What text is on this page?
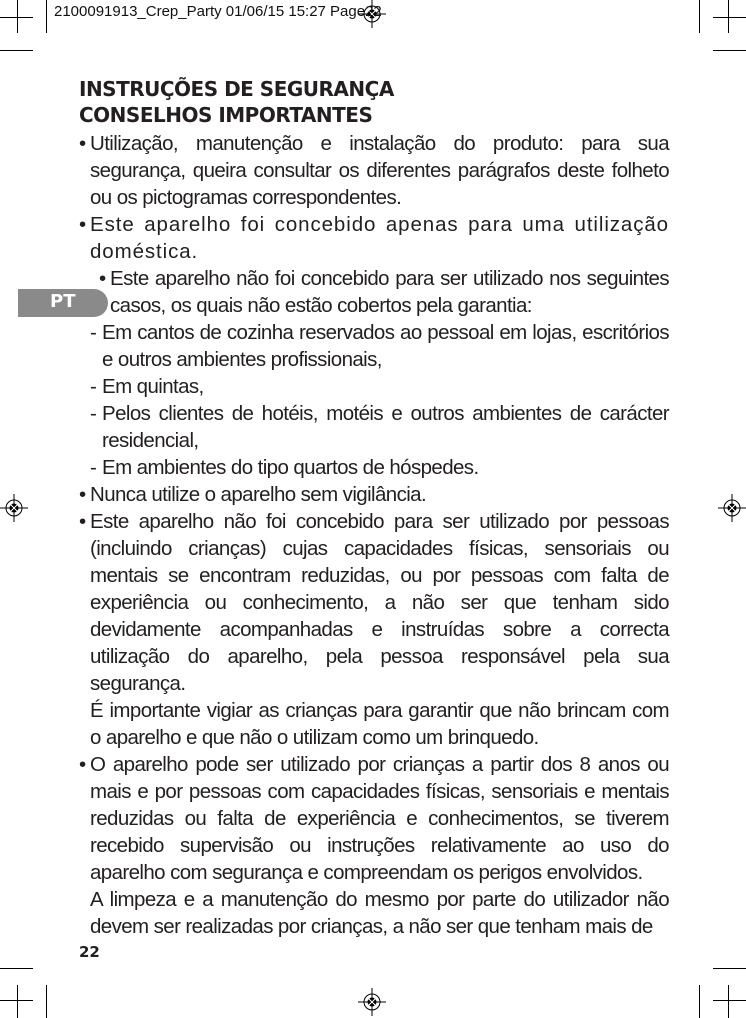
2100091913_Crep_Party 01/06/15 15:27 Page22
INSTRUÇÕES DE SEGURANÇA
CONSELHOS IMPORTANTES
PT
• Utilização, manutenção e instalação do produto: para sua segurança, queira consultar os diferentes parágrafos deste folheto ou os pictogramas correspondentes.
• Este aparelho foi concebido apenas para uma utilização doméstica.
• Este aparelho não foi concebido para ser utilizado nos seguintes casos, os quais não estão cobertos pela garantia:
- Em cantos de cozinha reservados ao pessoal em lojas, escritórios e outros ambientes profissionais,
- Em quintas,
- Pelos clientes de hotéis, motéis e outros ambientes de carácter residencial,
- Em ambientes do tipo quartos de hóspedes.
• Nunca utilize o aparelho sem vigilância.
• Este aparelho não foi concebido para ser utilizado por pessoas (incluindo crianças) cujas capacidades físicas, sensoriais ou mentais se encontram reduzidas, ou por pessoas com falta de experiência ou conhecimento, a não ser que tenham sido devidamente acompanhadas e instruídas sobre a correcta utilização do aparelho, pela pessoa responsável pela sua segurança.
É importante vigiar as crianças para garantir que não brincam com o aparelho e que não o utilizam como um brinquedo.
• O aparelho pode ser utilizado por crianças a partir dos 8 anos ou mais e por pessoas com capacidades físicas, sensoriais e mentais reduzidas ou falta de experiência e conhecimentos, se tiverem recebido supervisão ou instruções relativamente ao uso do aparelho com segurança e compreendam os perigos envolvidos.
A limpeza e a manutenção do mesmo por parte do utilizador não devem ser realizadas por crianças, a não ser que tenham mais de
22
